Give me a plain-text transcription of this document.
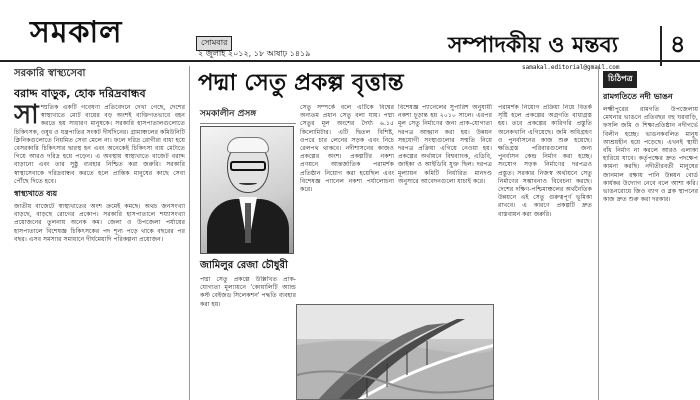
সমকাল	সোমবার
২ জুলাই ২০১২, ১৮ আষাঢ় ১৪১৯	সম্পাদকীয় ও মন্তব্য	৪
samakal.editorial@gmail.com
সরকারি স্বাস্থ্যসেবা
বরাদ্দ বাড়ুক, হোক দরিদ্রবান্ধব
সাম্প্রতিক একটি গবেষণা প্রতিবেদনে দেখা গেছে, দেশের স্বাস্থ্যখাতে মোট ব্যয়ের বড় অংশই ব্যক্তিগতভাবে বহন করতে হয় সাধারণ মানুষকে। সরকারি হাসপাতালগুলোতে চিকিৎসক, ওষুধ ও যন্ত্রপাতির সংকট দীর্ঘদিনের। গ্রামাঞ্চলের কমিউনিটি ক্লিনিকগুলোতে নিয়মিত সেবা মেলে না। ফলে দরিদ্র রোগীরা বাধ্য হয়ে বেসরকারি চিকিৎসার দ্বারস্থ হন এবং অনেকেই চিকিৎসা ব্যয় মেটাতে গিয়ে আরও দরিদ্র হয়ে পড়েন। এ অবস্থায় স্বাস্থ্যখাতে বাজেট বরাদ্দ বাড়ানো এবং তার সুষ্ঠু ব্যবহার নিশ্চিত করা জরুরি। সরকারি স্বাস্থ্যসেবাকে দরিদ্রবান্ধব করতে হলে প্রান্তিক মানুষের কাছে সেবা পৌঁছে দিতে হবে।
স্বাস্থ্যখাতে ব্যয়
জাতীয় বাজেটে স্বাস্থ্যখাতের অংশ ক্রমেই কমছে। অথচ জনসংখ্যা বাড়ছে, বাড়ছে রোগের প্রকোপ। সরকারি হাসপাতালে শয্যাসংখ্যা প্রয়োজনের তুলনায় অনেক কম। জেলা ও উপজেলা পর্যায়ের হাসপাতালে বিশেষজ্ঞ চিকিৎসকের পদ শূন্য পড়ে থাকে বছরের পর বছর। এসব সমস্যার সমাধানে দীর্ঘমেয়াদি পরিকল্পনা প্রয়োজন।
পদ্মা সেতু প্রকল্প বৃত্তান্ত
সমকালীন প্রসঙ্গ
জামিলুর রেজা চৌধুরী
পদ্মা সেতু প্রকল্পে উল্লিখিত প্রাক-যোগ্যতা মূল্যায়নে 'কোয়ালিটি অ্যান্ড কস্ট বেইজড সিলেকশন' পদ্ধতি ব্যবহার করা হয়।
সেতু সম্পর্কে বলে এটিকে বিশ্বের অন্যতম প্রধান সেতু বলা যায়। পদ্মা সেতুর মূল অংশের দৈর্ঘ্য ৬.১৫ কিলোমিটার। এটি দ্বিতল বিশিষ্ট, ওপরে চার লেনের সড়ক এবং নিচে রেলপথ থাকবে। নদীশাসনের কাজও প্রকল্পের অংশ। প্রকল্পটির নকশা প্রণয়নে আন্তর্জাতিক পরামর্শক প্রতিষ্ঠান নিয়োগ করা হয়েছিল এবং বিশেষজ্ঞ প্যানেল নকশা পর্যালোচনা করে।
বিশেষজ্ঞ প্যানেলের সুপারিশ অনুযায়ী নকশা চূড়ান্ত হয় ২০১০ সালে। এরপর মূল সেতু নির্মাণের জন্য প্রাক-যোগ্যতা দরপত্র আহ্বান করা হয়। উন্নয়ন সহযোগী সংস্থাগুলোর সম্মতি নিয়ে দরপত্র প্রক্রিয়া এগিয়ে নেওয়া হয়। প্রকল্পের অর্থায়নে বিশ্বব্যাংক, এডিবি, জাইকা ও আইডিবি যুক্ত ছিল। দরপত্র মূল্যায়ন কমিটি নির্ধারিত মানদণ্ড অনুসারে আবেদনগুলো যাচাই করে।
পরামর্শক নিয়োগ প্রক্রিয়া নিয়ে বিতর্ক সৃষ্টি হলে প্রকল্পের অগ্রগতি বাধাগ্রস্ত হয়। তবে প্রকল্পের কারিগরি প্রস্তুতি অনেকখানি এগিয়েছে। জমি অধিগ্রহণ ও পুনর্বাসনের কাজ শুরু হয়েছে। ক্ষতিগ্রস্ত পরিবারগুলোর জন্য পুনর্বাসন কেন্দ্র নির্মাণ করা হচ্ছে। সংযোগ সড়ক নির্মাণের দরপত্রও প্রস্তুত। সরকার নিজস্ব অর্থায়নে সেতু নির্মাণের সম্ভাবনাও বিবেচনা করছে। দেশের দক্ষিণ-পশ্চিমাঞ্চলের অর্থনৈতিক উন্নয়নে এই সেতু গুরুত্বপূর্ণ ভূমিকা রাখবে। এ কারণে প্রকল্পটি দ্রুত বাস্তবায়ন করা জরুরি।
চিঠিপত্র
রামগতিতে নদী ভাঙন
লক্ষ্মীপুরের রামগতি উপজেলায় মেঘনার ভাঙনে প্রতিবছর বহু ঘরবাড়ি, ফসলি জমি ও শিক্ষাপ্রতিষ্ঠান নদীগর্ভে বিলীন হচ্ছে। ভাঙনকবলিত মানুষ আশ্রয়হীন হয়ে পড়েছে। এখনই স্থায়ী বাঁধ নির্মাণ না করলে আরও এলাকা হারিয়ে যাবে। কর্তৃপক্ষের দ্রুত পদক্ষেপ কামনা করছি। নদীতীরবর্তী মানুষের জানমাল রক্ষায় পানি উন্নয়ন বোর্ড কার্যকর উদ্যোগ নেবে বলে আশা করি। ভাঙনরোধে জিও ব্যাগ ও ব্লক স্থাপনের কাজ দ্রুত শুরু করা দরকার।
